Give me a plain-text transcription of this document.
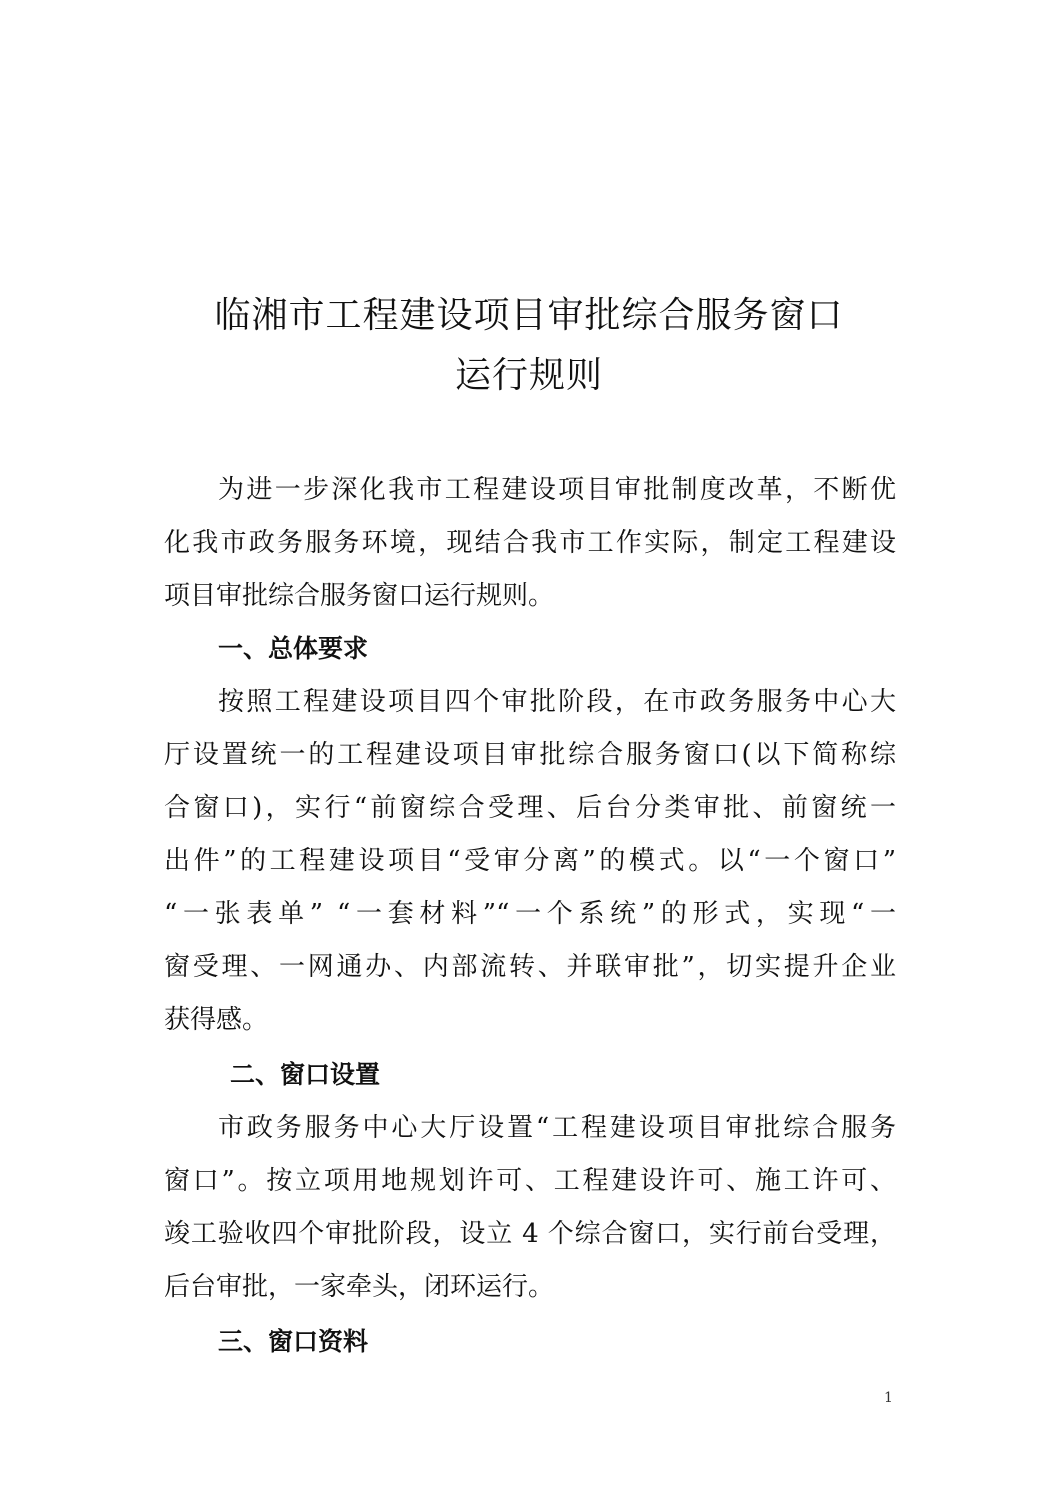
临湘市工程建设项目审批综合服务窗口
运行规则
为进一步深化我市工程建设项目审批制度改革，不断优
化我市政务服务环境，现结合我市工作实际，制定工程建设
项目审批综合服务窗口运行规则。
一、总体要求
按照工程建设项目四个审批阶段，在市政务服务中心大
厅设置统一的工程建设项目审批综合服务窗口(以下简称综
合窗口)，实行“前窗综合受理、后台分类审批、前窗统一
出件”的工程建设项目“受审分离”的模式。以“一个窗口”
“一张表单” “一套材料”“一个系统”的形式，实现“一
窗受理、一网通办、内部流转、并联审批”，切实提升企业
获得感。
二、窗口设置
市政务服务中心大厅设置“工程建设项目审批综合服务
窗口”。按立项用地规划许可、工程建设许可、施工许可、
竣工验收四个审批阶段，设立 4 个综合窗口，实行前台受理，
后台审批，一家牵头，闭环运行。
三、窗口资料
1
